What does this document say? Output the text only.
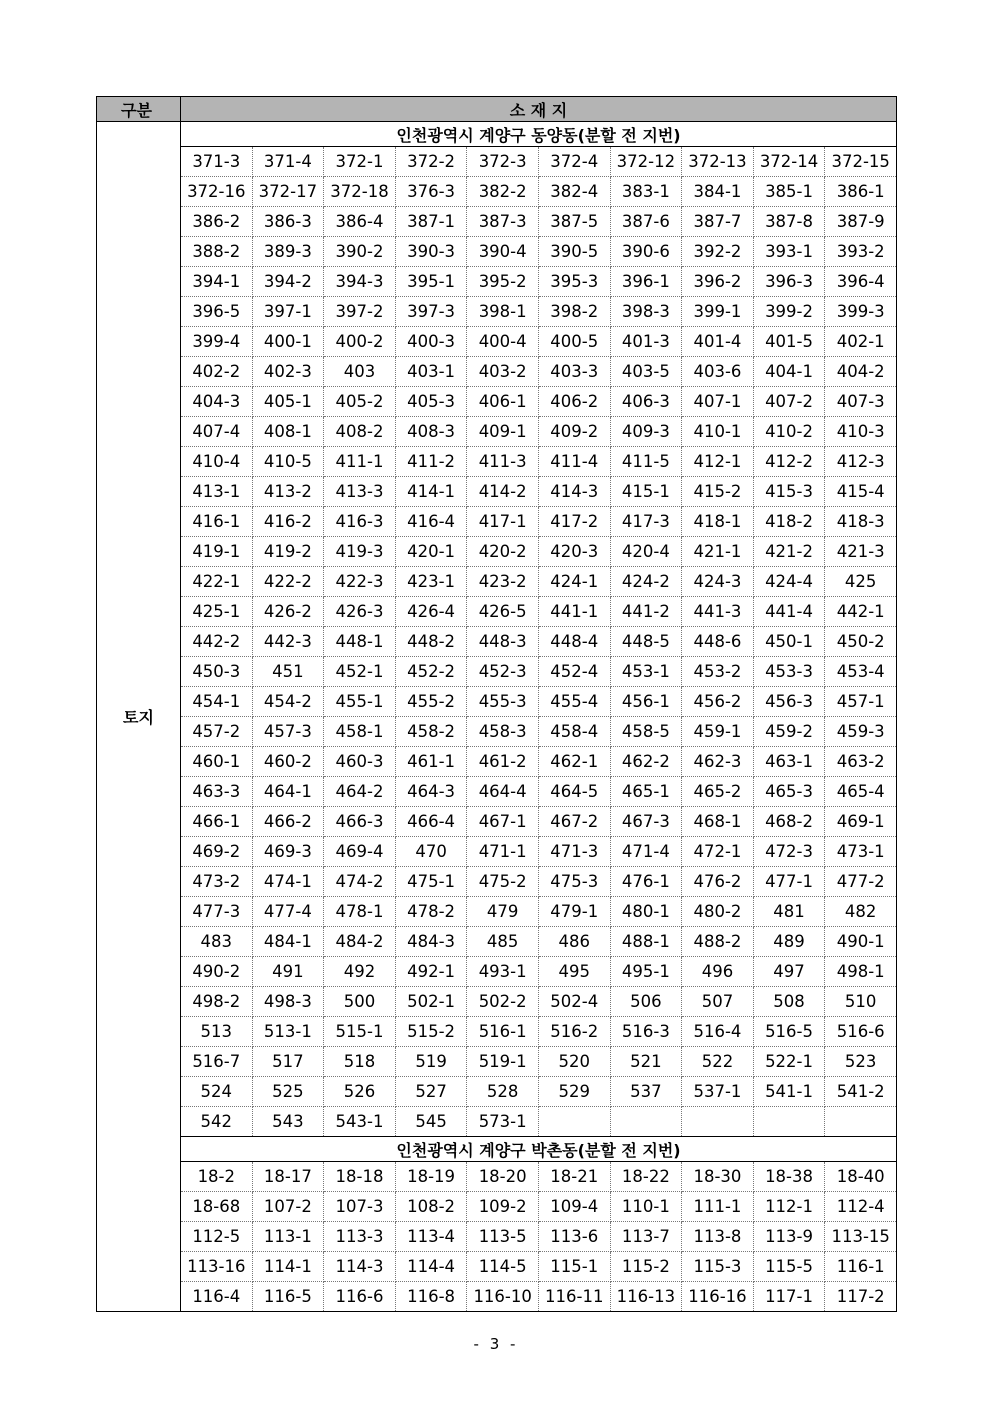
구분	소 재 지									
토지	인천광역시 계양구 동양동(분할 전 지번)									
	371-3	371-4	372-1	372-2	372-3	372-4	372-12	372-13	372-14	372-15
	372-16	372-17	372-18	376-3	382-2	382-4	383-1	384-1	385-1	386-1
	386-2	386-3	386-4	387-1	387-3	387-5	387-6	387-7	387-8	387-9
	388-2	389-3	390-2	390-3	390-4	390-5	390-6	392-2	393-1	393-2
	394-1	394-2	394-3	395-1	395-2	395-3	396-1	396-2	396-3	396-4
	396-5	397-1	397-2	397-3	398-1	398-2	398-3	399-1	399-2	399-3
	399-4	400-1	400-2	400-3	400-4	400-5	401-3	401-4	401-5	402-1
	402-2	402-3	403	403-1	403-2	403-3	403-5	403-6	404-1	404-2
	404-3	405-1	405-2	405-3	406-1	406-2	406-3	407-1	407-2	407-3
	407-4	408-1	408-2	408-3	409-1	409-2	409-3	410-1	410-2	410-3
	410-4	410-5	411-1	411-2	411-3	411-4	411-5	412-1	412-2	412-3
	413-1	413-2	413-3	414-1	414-2	414-3	415-1	415-2	415-3	415-4
	416-1	416-2	416-3	416-4	417-1	417-2	417-3	418-1	418-2	418-3
	419-1	419-2	419-3	420-1	420-2	420-3	420-4	421-1	421-2	421-3
	422-1	422-2	422-3	423-1	423-2	424-1	424-2	424-3	424-4	425
	425-1	426-2	426-3	426-4	426-5	441-1	441-2	441-3	441-4	442-1
	442-2	442-3	448-1	448-2	448-3	448-4	448-5	448-6	450-1	450-2
	450-3	451	452-1	452-2	452-3	452-4	453-1	453-2	453-3	453-4
	454-1	454-2	455-1	455-2	455-3	455-4	456-1	456-2	456-3	457-1
	457-2	457-3	458-1	458-2	458-3	458-4	458-5	459-1	459-2	459-3
	460-1	460-2	460-3	461-1	461-2	462-1	462-2	462-3	463-1	463-2
	463-3	464-1	464-2	464-3	464-4	464-5	465-1	465-2	465-3	465-4
	466-1	466-2	466-3	466-4	467-1	467-2	467-3	468-1	468-2	469-1
	469-2	469-3	469-4	470	471-1	471-3	471-4	472-1	472-3	473-1
	473-2	474-1	474-2	475-1	475-2	475-3	476-1	476-2	477-1	477-2
	477-3	477-4	478-1	478-2	479	479-1	480-1	480-2	481	482
	483	484-1	484-2	484-3	485	486	488-1	488-2	489	490-1
	490-2	491	492	492-1	493-1	495	495-1	496	497	498-1
	498-2	498-3	500	502-1	502-2	502-4	506	507	508	510
	513	513-1	515-1	515-2	516-1	516-2	516-3	516-4	516-5	516-6
	516-7	517	518	519	519-1	520	521	522	522-1	523
	524	525	526	527	528	529	537	537-1	541-1	541-2
	542	543	543-1	545	573-1					
	인천광역시 계양구 박촌동(분할 전 지번)									
	18-2	18-17	18-18	18-19	18-20	18-21	18-22	18-30	18-38	18-40
	18-68	107-2	107-3	108-2	109-2	109-4	110-1	111-1	112-1	112-4
	112-5	113-1	113-3	113-4	113-5	113-6	113-7	113-8	113-9	113-15
	113-16	114-1	114-3	114-4	114-5	115-1	115-2	115-3	115-5	116-1
	116-4	116-5	116-6	116-8	116-10	116-11	116-13	116-16	117-1	117-2
- 3 -
